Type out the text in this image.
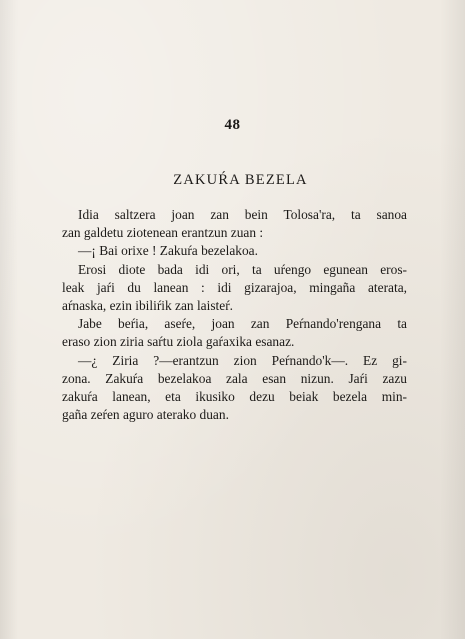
48
ZAKUŔA BEZELA
Idia saltzera joan zan bein Tolosa'ra, ta sanoa
zan galdetu ziotenean erantzun zuan :
—¡ Bai orixe ! Zakuŕa bezelakoa.
Erosi diote bada idi ori, ta uŕengo egunean eros-
leak jaŕi du lanean : idi gizarajoa, mingaña aterata,
aŕnaska, ezin ibiliŕik zan laisteŕ.
Jabe beŕia, aseŕe, joan zan Peŕnando'rengana ta
eraso zion ziria saŕtu ziola gaŕaxika esanaz.
—¿ Ziria ?—erantzun zion Peŕnando'k—. Ez gi-
zona. Zakuŕa bezelakoa zala esan nizun. Jaŕi zazu
zakuŕa lanean, eta ikusiko dezu beiak bezela min-
gaña zeŕen aguro aterako duan.
